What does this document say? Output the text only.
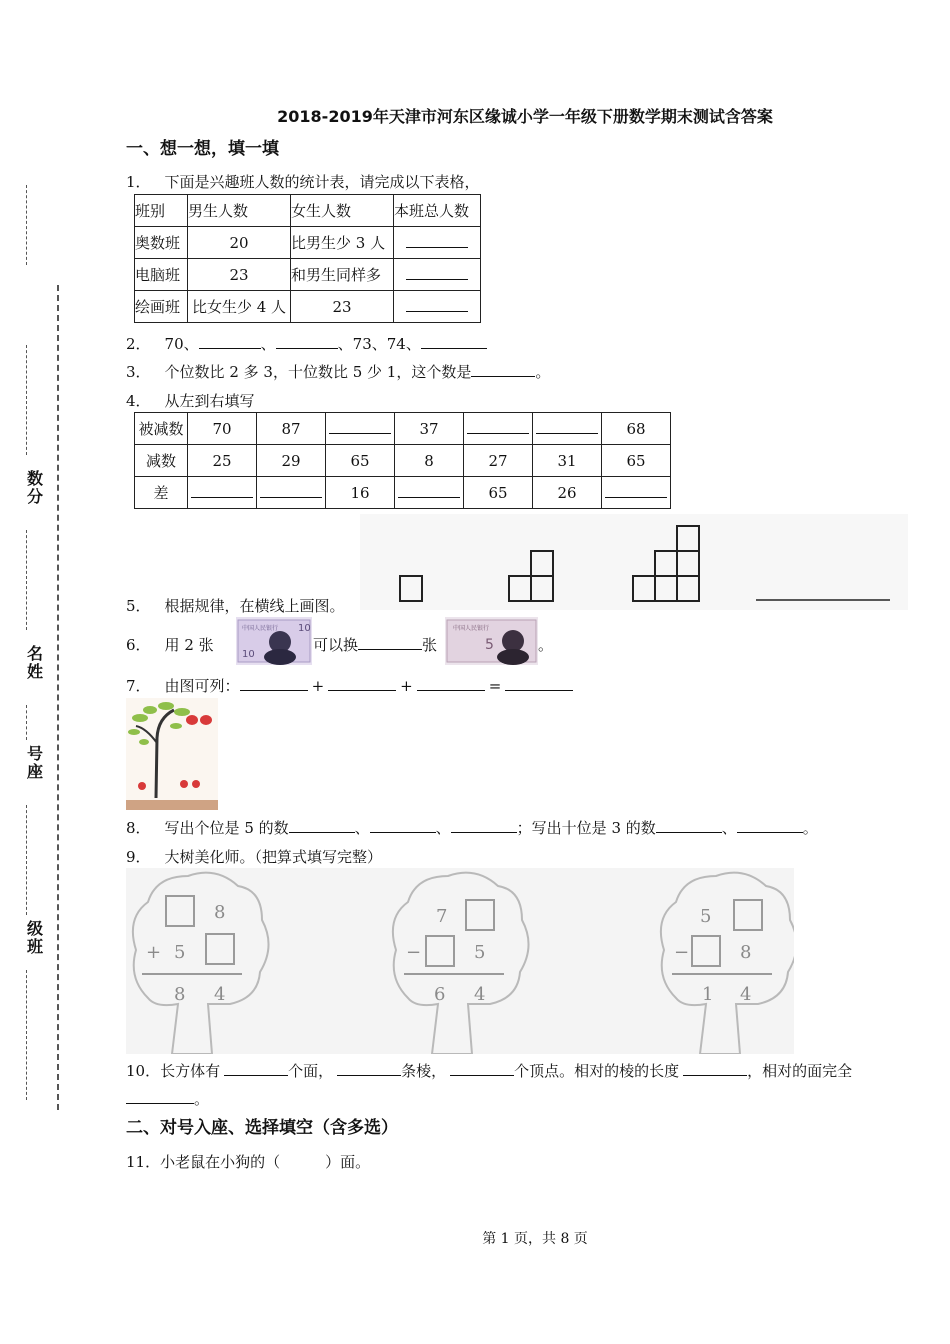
数分
名姓
号座
级班
2018-2019年天津市河东区缘诚小学一年级下册数学期末测试含答案
一、想一想，填一填
1． 下面是兴趣班人数的统计表，请完成以下表格，
班别	男生人数	女生人数	本班总人数
奥数班	20	比男生少 3 人	
电脑班	23	和男生同样多	
绘画班	比女生少 4 人	23	
2． 70、	、	、73、74、
3． 个位数比 2 多 3，十位数比 5 少 1，这个数是	。
4． 从左到右填写
被减数	70	87		37			68
减数	25	29	65	8	27	31	65
差			16		65	26	
5． 根据规律，在横线上画图。
6． 用 2 张
中国人民银行 10
10
可以换	张
中国人民银行
5	。
7． 由图可列：	+	+	=
8． 写出个位是 5 的数	、	、	；写出十位是 3 的数	、	。
9． 大树美化师。（把算式填写完整）
8
+ 5
8 4
7
−	5
6 4
5
−	8
1 4
10．长方体有	个面，	条棱，	个顶点。相对的棱的长度	，相对的面完全
。
二、对号入座、选择填空（含多选）
11．小老鼠在小狗的（　　　）面。
第 1 页，共 8 页
